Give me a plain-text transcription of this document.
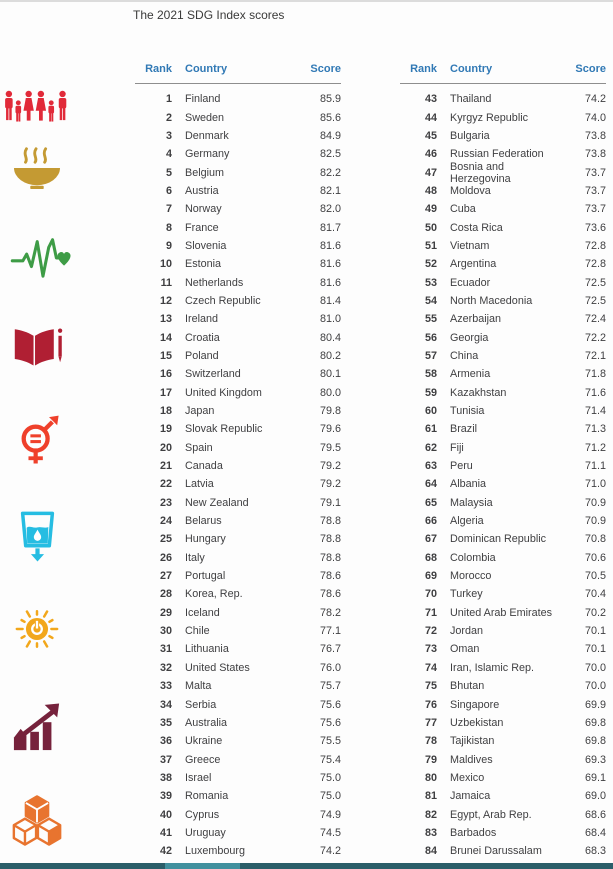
The 2021 SDG Index scores
Rank	Country	Score
1	Finland	85.9
2	Sweden	85.6
3	Denmark	84.9
4	Germany	82.5
5	Belgium	82.2
6	Austria	82.1
7	Norway	82.0
8	France	81.7
9	Slovenia	81.6
10	Estonia	81.6
11	Netherlands	81.6
12	Czech Republic	81.4
13	Ireland	81.0
14	Croatia	80.4
15	Poland	80.2
16	Switzerland	80.1
17	United Kingdom	80.0
18	Japan	79.8
19	Slovak Republic	79.6
20	Spain	79.5
21	Canada	79.2
22	Latvia	79.2
23	New Zealand	79.1
24	Belarus	78.8
25	Hungary	78.8
26	Italy	78.8
27	Portugal	78.6
28	Korea, Rep.	78.6
29	Iceland	78.2
30	Chile	77.1
31	Lithuania	76.7
32	United States	76.0
33	Malta	75.7
34	Serbia	75.6
35	Australia	75.6
36	Ukraine	75.5
37	Greece	75.4
38	Israel	75.0
39	Romania	75.0
40	Cyprus	74.9
41	Uruguay	74.5
42	Luxembourg	74.2
Rank	Country	Score
43	Thailand	74.2
44	Kyrgyz Republic	74.0
45	Bulgaria	73.8
46	Russian Federation	73.8
47	Bosnia and Herzegovina	73.7
48	Moldova	73.7
49	Cuba	73.7
50	Costa Rica	73.6
51	Vietnam	72.8
52	Argentina	72.8
53	Ecuador	72.5
54	North Macedonia	72.5
55	Azerbaijan	72.4
56	Georgia	72.2
57	China	72.1
58	Armenia	71.8
59	Kazakhstan	71.6
60	Tunisia	71.4
61	Brazil	71.3
62	Fiji	71.2
63	Peru	71.1
64	Albania	71.0
65	Malaysia	70.9
66	Algeria	70.9
67	Dominican Republic	70.8
68	Colombia	70.6
69	Morocco	70.5
70	Turkey	70.4
71	United Arab Emirates	70.2
72	Jordan	70.1
73	Oman	70.1
74	Iran, Islamic Rep.	70.0
75	Bhutan	70.0
76	Singapore	69.9
77	Uzbekistan	69.8
78	Tajikistan	69.8
79	Maldives	69.3
80	Mexico	69.1
81	Jamaica	69.0
82	Egypt, Arab Rep.	68.6
83	Barbados	68.4
84	Brunei Darussalam	68.3
